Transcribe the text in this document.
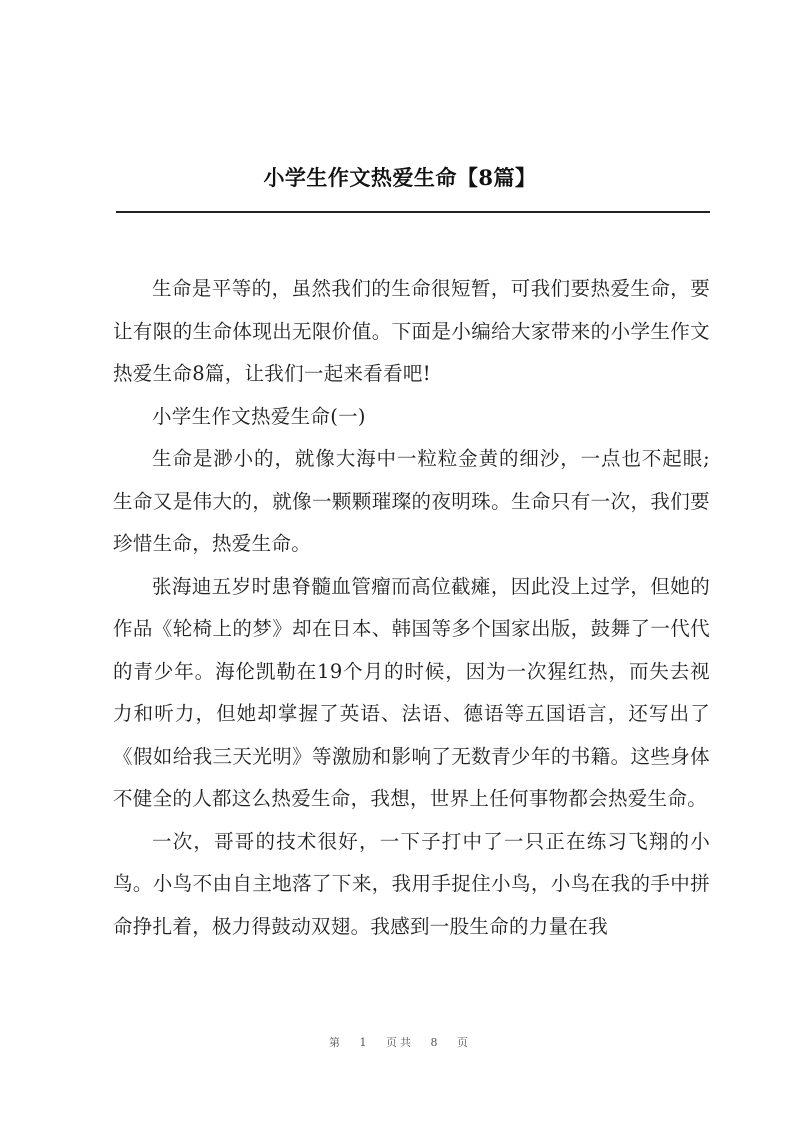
小学生作文热爱生命【8篇】

生命是平等的，虽然我们的生命很短暂，可我们要热爱生命，要让有限的生命体现出无限价值。下面是小编给大家带来的小学生作文热爱生命8篇，让我们一起来看看吧!

小学生作文热爱生命(一)

生命是渺小的，就像大海中一粒粒金黄的细沙，一点也不起眼;生命又是伟大的，就像一颗颗璀璨的夜明珠。生命只有一次，我们要珍惜生命，热爱生命。

张海迪五岁时患脊髓血管瘤而高位截瘫，因此没上过学，但她的作品《轮椅上的梦》却在日本、韩国等多个国家出版，鼓舞了一代代的青少年。海伦凯勒在19个月的时候，因为一次猩红热，而失去视力和听力，但她却掌握了英语、法语、德语等五国语言，还写出了《假如给我三天光明》等激励和影响了无数青少年的书籍。这些身体不健全的人都这么热爱生命，我想，世界上任何事物都会热爱生命。

一次，哥哥的技术很好，一下子打中了一只正在练习飞翔的小鸟。小鸟不由自主地落了下来，我用手捉住小鸟，小鸟在我的手中拼命挣扎着，极力得鼓动双翅。我感到一股生命的力量在我

第 1 页共 8 页
